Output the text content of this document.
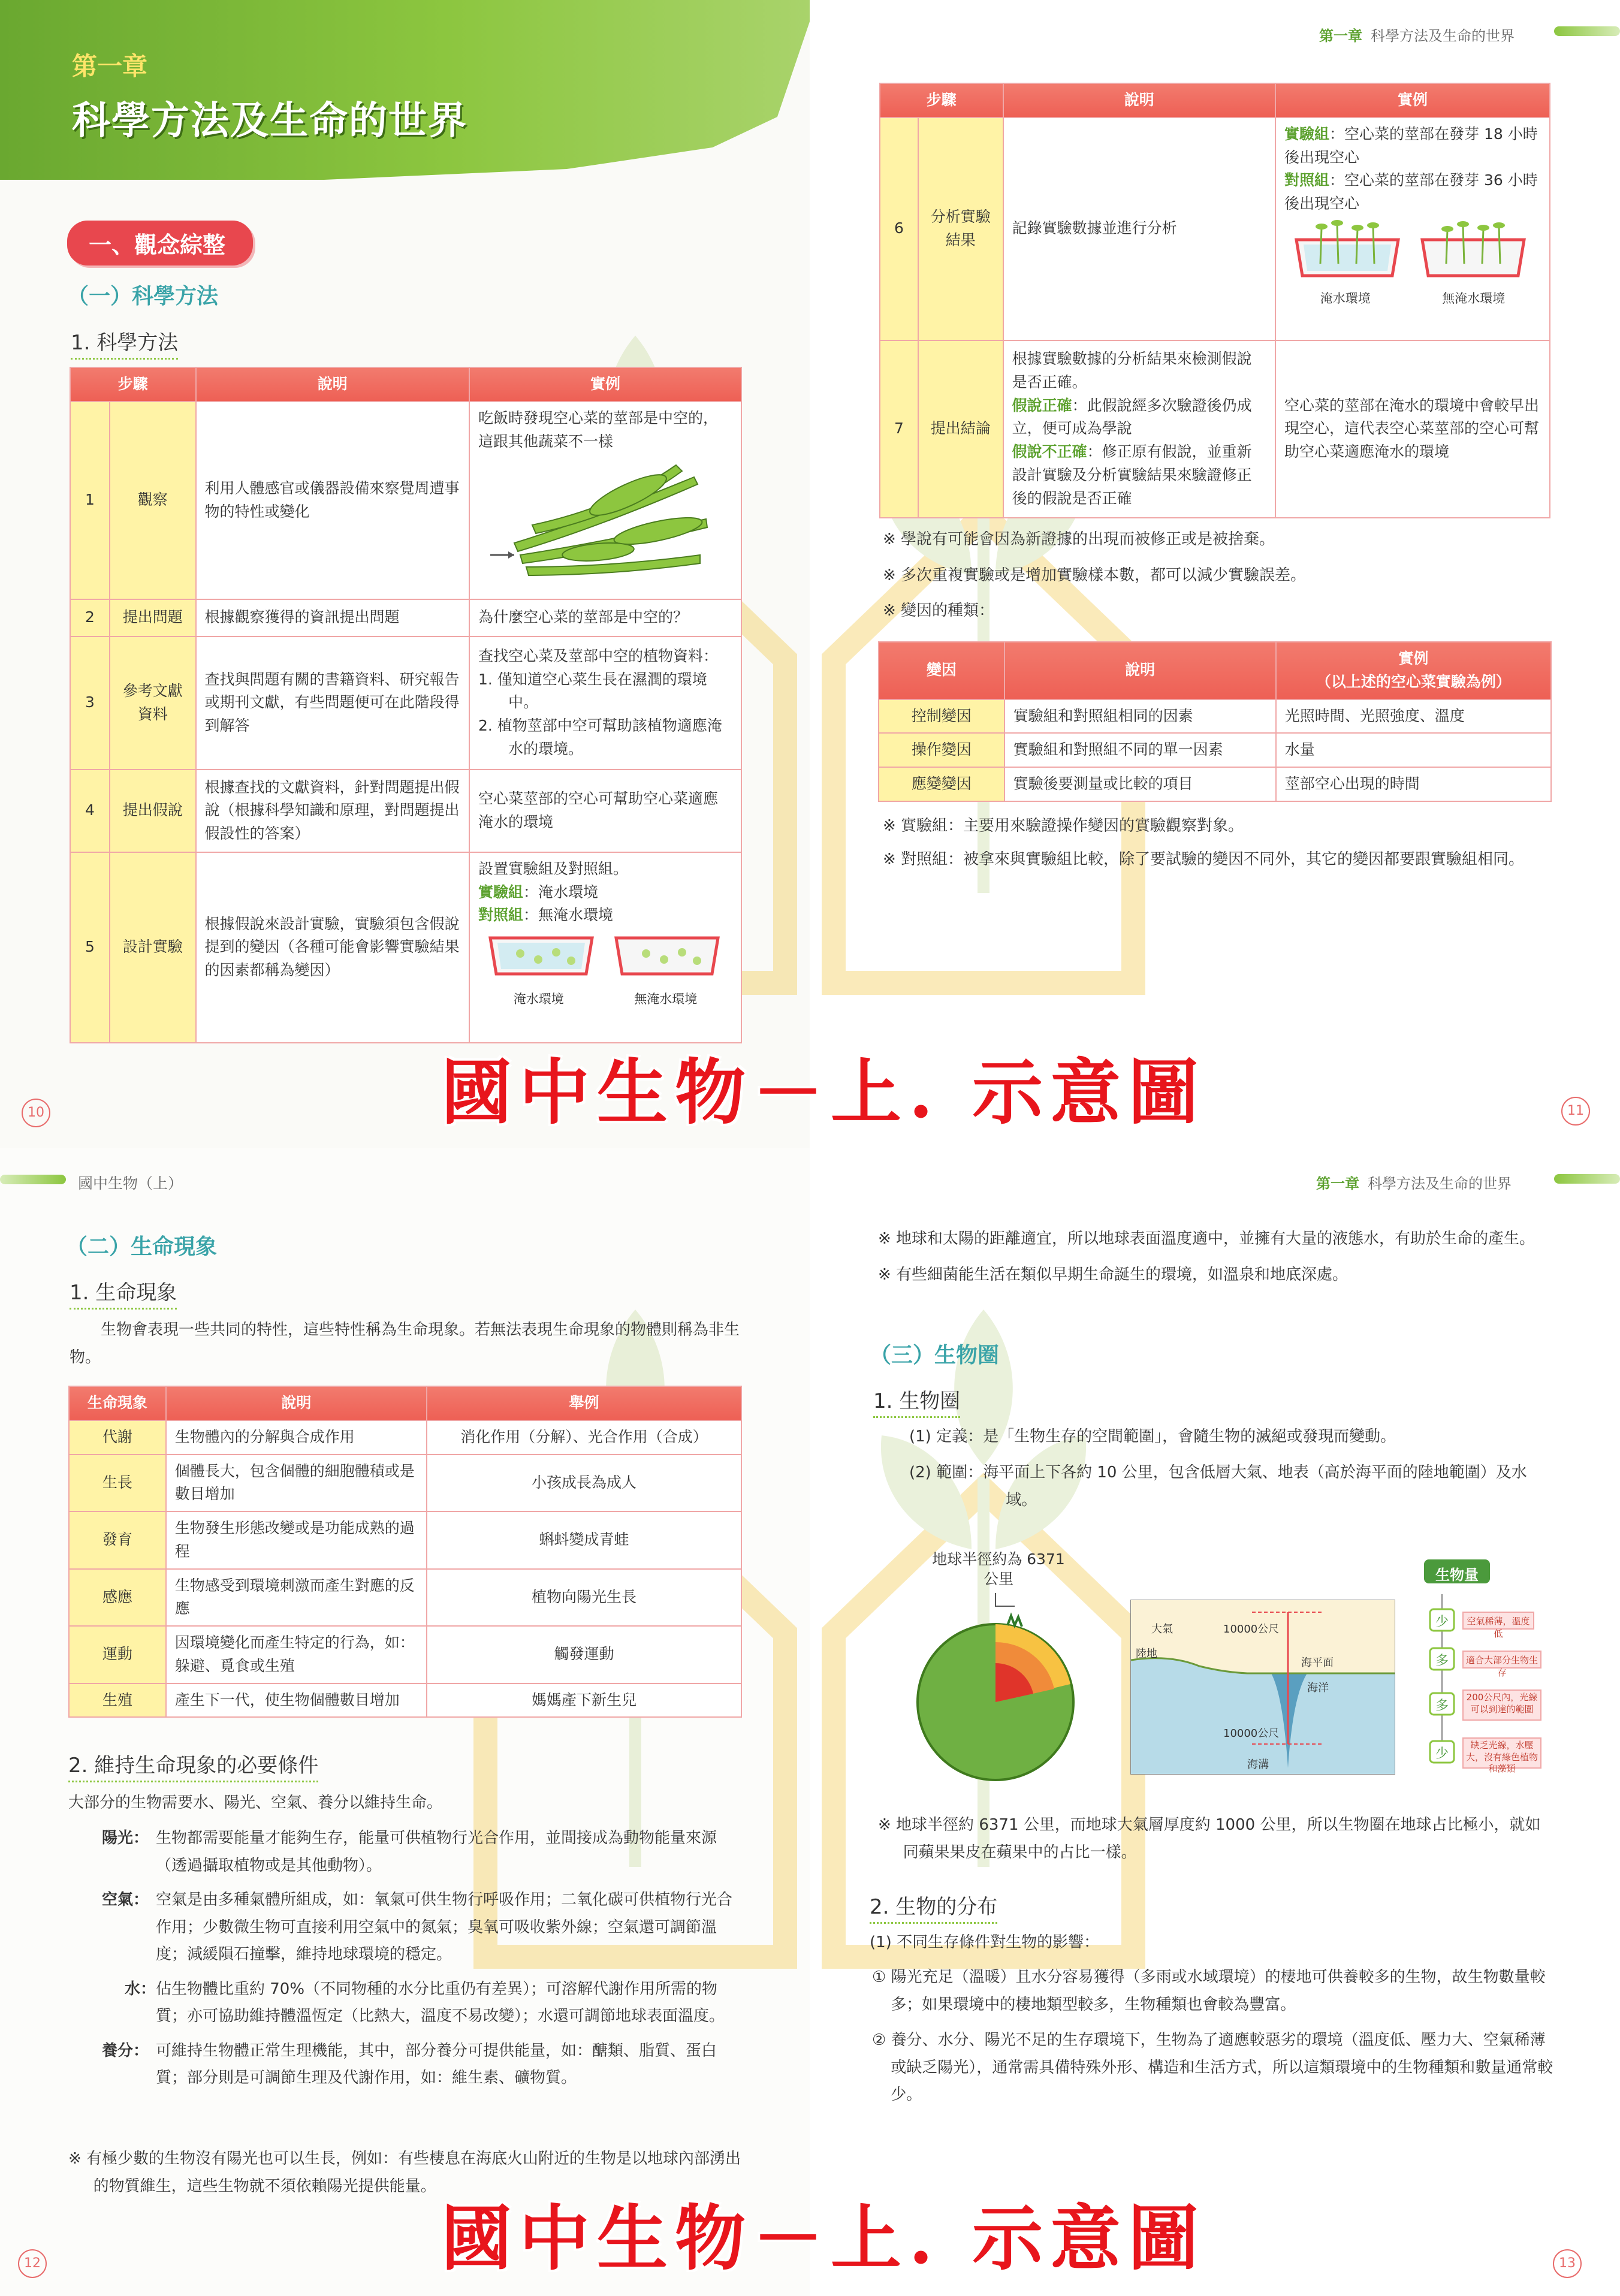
第一章
科學方法及生命的世界
一、觀念綜整
（一）科學方法
1. 科學方法
步驟		說明	實例
1	觀察	利用人體感官或儀器設備來察覺周遭事物的特性或變化	吃飯時發現空心菜的莖部是中空的，這跟其他蔬菜不一樣

2	提出問題	根據觀察獲得的資訊提出問題	為什麼空心菜的莖部是中空的？
3	參考文獻資料	查找與問題有關的書籍資料、研究報告或期刊文獻，有些問題便可在此階段得到解答	查找空心菜及莖部中空的植物資料：
1. 僅知道空心菜生長在濕潤的環境中。
2. 植物莖部中空可幫助該植物適應淹水的環境。

4	提出假說	根據查找的文獻資料，針對問題提出假說（根據科學知識和原理，對問題提出假設性的答案）	空心菜莖部的空心可幫助空心菜適應淹水的環境
5	設計實驗	根據假說來設計實驗，實驗須包含假說提到的變因（各種可能會影響實驗結果的因素都稱為變因）	設置實驗組及對照組。
實驗組：淹水環境
對照組：無淹水環境
淹水環境 無淹水環境
10
第一章 科學方法及生命的世界
步驟		說明	實例
6	分析實驗結果	記錄實驗數據並進行分析	實驗組：空心菜的莖部在發芽 18 小時後出現空心
對照組：空心菜的莖部在發芽 36 小時後出現空心
淹水環境 無淹水環境

7	提出結論	根據實驗數據的分析結果來檢測假說是否正確。
假說正確：此假說經多次驗證後仍成立，便可成為學說
假說不正確：修正原有假說，並重新設計實驗及分析實驗結果來驗證修正後的假說是否正確	空心菜的莖部在淹水的環境中會較早出現空心，這代表空心菜莖部的空心可幫助空心菜適應淹水的環境
※ 學說有可能會因為新證據的出現而被修正或是被捨棄。
※ 多次重複實驗或是增加實驗樣本數，都可以減少實驗誤差。
※ 變因的種類：
變因	說明	實例
（以上述的空心菜實驗為例）

控制變因	實驗組和對照組相同的因素	光照時間、光照強度、溫度
操作變因	實驗組和對照組不同的單一因素	水量
應變變因	實驗後要測量或比較的項目	莖部空心出現的時間
※ 實驗組：主要用來驗證操作變因的實驗觀察對象。
※ 對照組：被拿來與實驗組比較，除了要試驗的變因不同外，其它的變因都要跟實驗組相同。
11
國中生物（上）
（二）生命現象
1. 生命現象
生物會表現一些共同的特性，這些特性稱為生命現象。若無法表現生命現象的物體則稱為非生物。
生命現象	說明	舉例
代謝	生物體內的分解與合成作用	消化作用（分解）、光合作用（合成）
生長	個體長大，包含個體的細胞體積或是數目增加	小孩成長為成人
發育	生物發生形態改變或是功能成熟的過程	蝌蚪變成青蛙
感應	生物感受到環境刺激而產生對應的反應	植物向陽光生長
運動	因環境變化而產生特定的行為，如：躲避、覓食或生殖	觸發運動
生殖	產生下一代，使生物個體數目增加	媽媽產下新生兒
2. 維持生命現象的必要條件
大部分的生物需要水、陽光、空氣、養分以維持生命。
陽光： 生物都需要能量才能夠生存，能量可供植物行光合作用，並間接成為動物能量來源（透過攝取植物或是其他動物）。
空氣： 空氣是由多種氣體所組成，如：氧氣可供生物行呼吸作用；二氧化碳可供植物行光合作用；少數微生物可直接利用空氣中的氮氣；臭氧可吸收紫外線；空氣還可調節溫度；減緩隕石撞擊，維持地球環境的穩定。
水： 佔生物體比重約 70%（不同物種的水分比重仍有差異）；可溶解代謝作用所需的物質；亦可協助維持體溫恆定（比熱大，溫度不易改變）；水還可調節地球表面溫度。
養分： 可維持生物體正常生理機能，其中，部分養分可提供能量，如：醣類、脂質、蛋白質；部分則是可調節生理及代謝作用，如：維生素、礦物質。
※ 有極少數的生物沒有陽光也可以生長，例如：有些棲息在海底火山附近的生物是以地球內部湧出的物質維生，這些生物就不須依賴陽光提供能量。
12
第一章 科學方法及生命的世界
※ 地球和太陽的距離適宜，所以地球表面溫度適中，並擁有大量的液態水，有助於生命的產生。
※ 有些細菌能生活在類似早期生命誕生的環境，如溫泉和地底深處。
（三）生物圈
1. 生物圈
(1) 定義：是「生物生存的空間範圍」，會隨生物的滅絕或發現而變動。
(2) 範圍：海平面上下各約 10 公里，包含低層大氣、地表（高於海平面的陸地範圍）及水域。
地球半徑約為 6371 公里	生物量
少
多
多
少
空氣稀薄，溫度低
適合大部分生物生存
200公尺內，光線可以到達的範圍
缺乏光線，水壓大，沒有綠色植物和藻類
大氣	10000公尺
陸地
海平面
海洋
10000公尺
海溝
※ 地球半徑約 6371 公里，而地球大氣層厚度約 1000 公里，所以生物圈在地球占比極小，就如同蘋果果皮在蘋果中的占比一樣。
2. 生物的分布
(1) 不同生存條件對生物的影響：
① 陽光充足（溫暖）且水分容易獲得（多雨或水域環境）的棲地可供養較多的生物，故生物數量較多；如果環境中的棲地類型較多，生物種類也會較為豐富。
② 養分、水分、陽光不足的生存環境下，生物為了適應較惡劣的環境（溫度低、壓力大、空氣稀薄或缺乏陽光），通常需具備特殊外形、構造和生活方式，所以這類環境中的生物種類和數量通常較少。
13
國中生物－上. 示意圖
國中生物－上. 示意圖
